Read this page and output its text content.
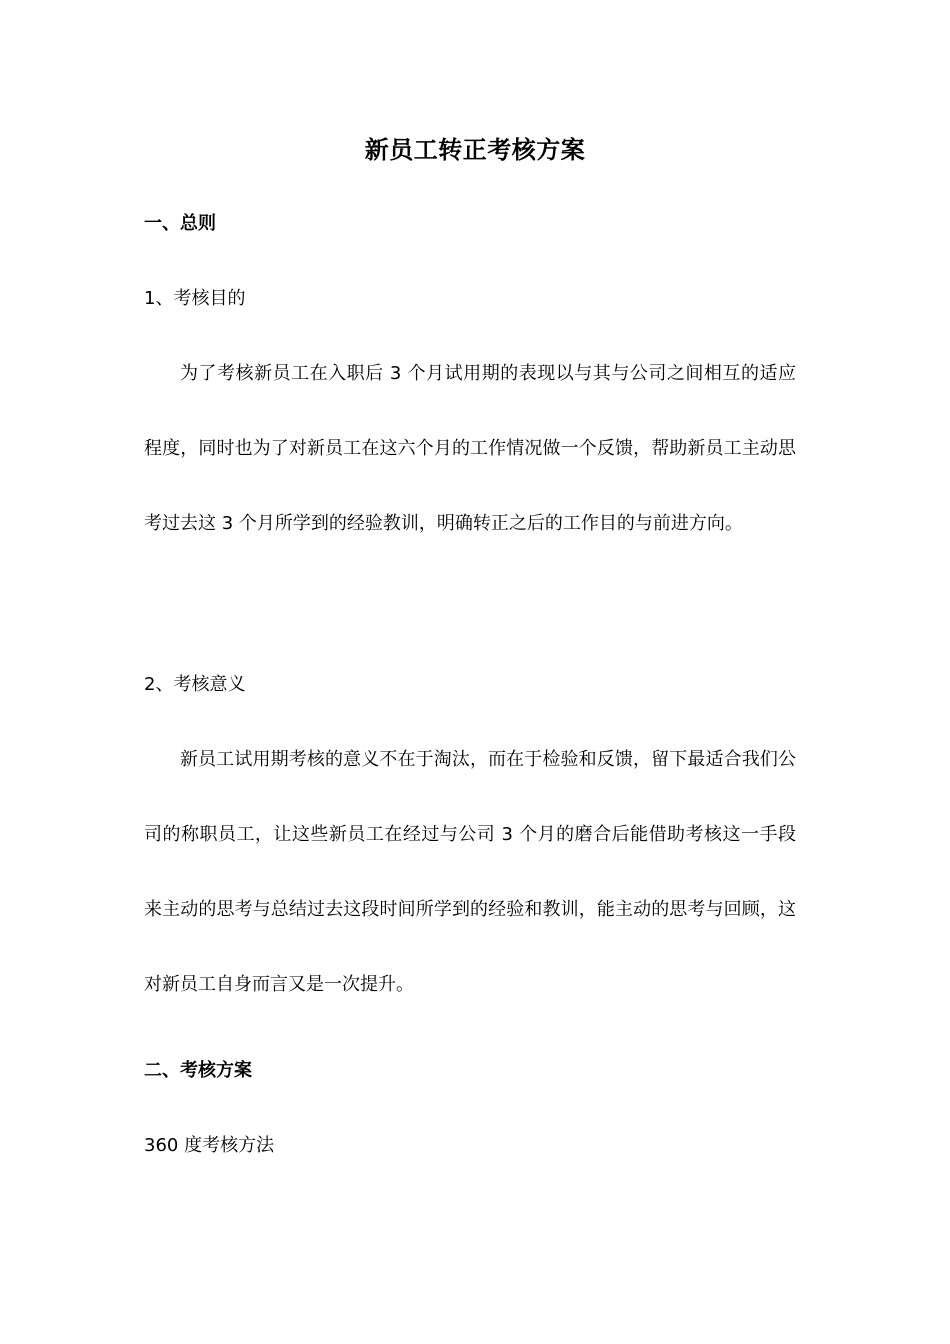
新员工转正考核方案
一、总则
1、考核目的

为了考核新员工在入职后 3 个月试用期的表现以与其与公司之间相互的适应程度，同时也为了对新员工在这六个月的工作情况做一个反馈，帮助新员工主动思考过去这 3 个月所学到的经验教训，明确转正之后的工作目的与前进方向。

2、考核意义

新员工试用期考核的意义不在于淘汰，而在于检验和反馈，留下最适合我们公司的称职员工，让这些新员工在经过与公司 3 个月的磨合后能借助考核这一手段来主动的思考与总结过去这段时间所学到的经验和教训，能主动的思考与回顾，这对新员工自身而言又是一次提升。

二、考核方案
360 度考核方法
